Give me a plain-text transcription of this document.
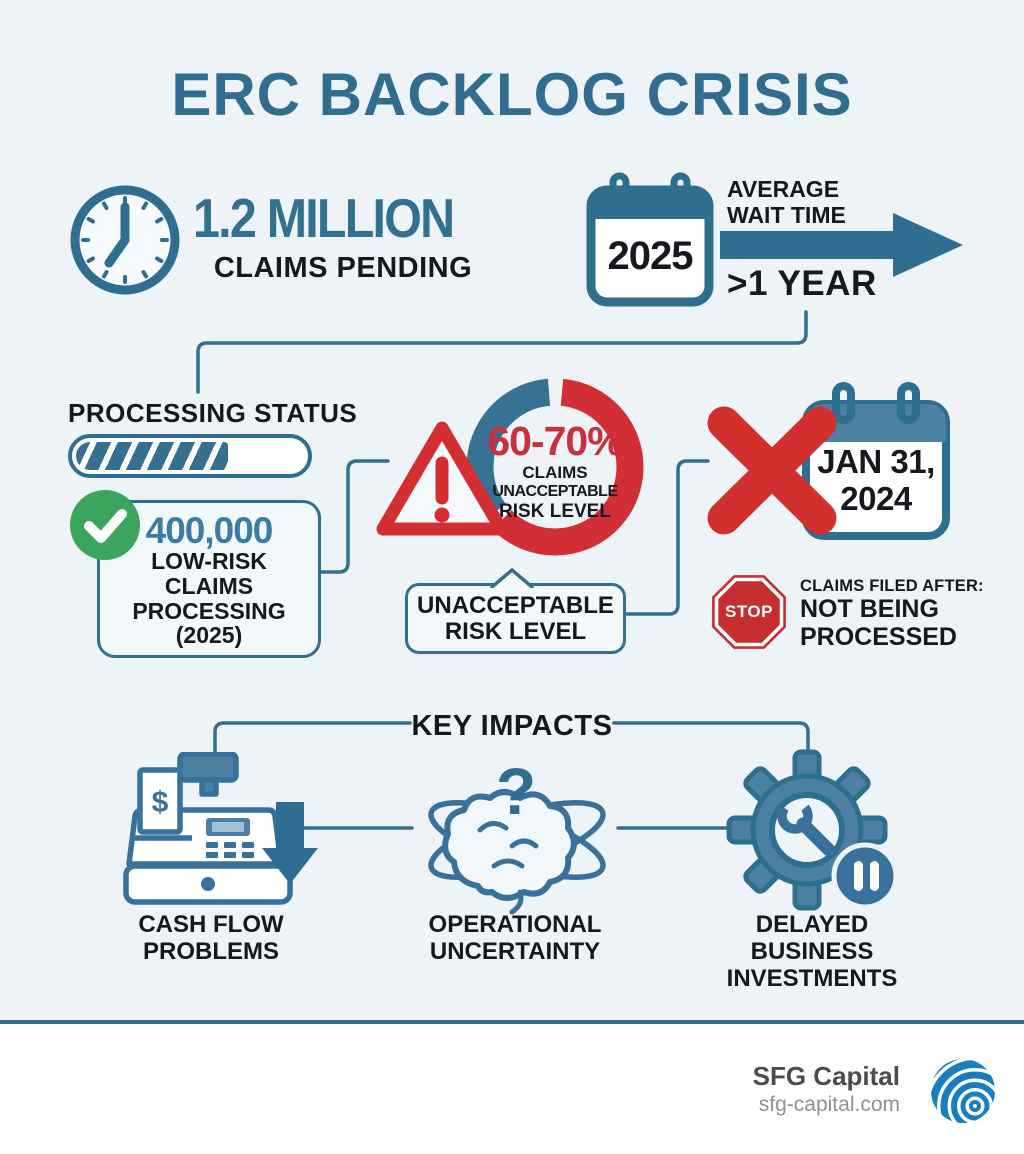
ERC BACKLOG CRISIS
1.2 MILLION
CLAIMS PENDING	2025
AVERAGE
WAIT TIME
>1 YEAR
PROCESSING STATUS
400,000
LOW-RISK
CLAIMS
PROCESSING
(2025)
60-70%
CLAIMS
UNACCEPTABLE
RISK LEVEL
UNACCEPTABLE
RISK LEVEL
JAN 31,
2024
STOP
CLAIMS FILED AFTER:
NOT BEING
PROCESSED
KEY IMPACTS
$	?
CASH FLOW
PROBLEMS
OPERATIONAL
UNCERTAINTY
DELAYED BUSINESS
INVESTMENTS
SFG Capital
sfg-capital.com
